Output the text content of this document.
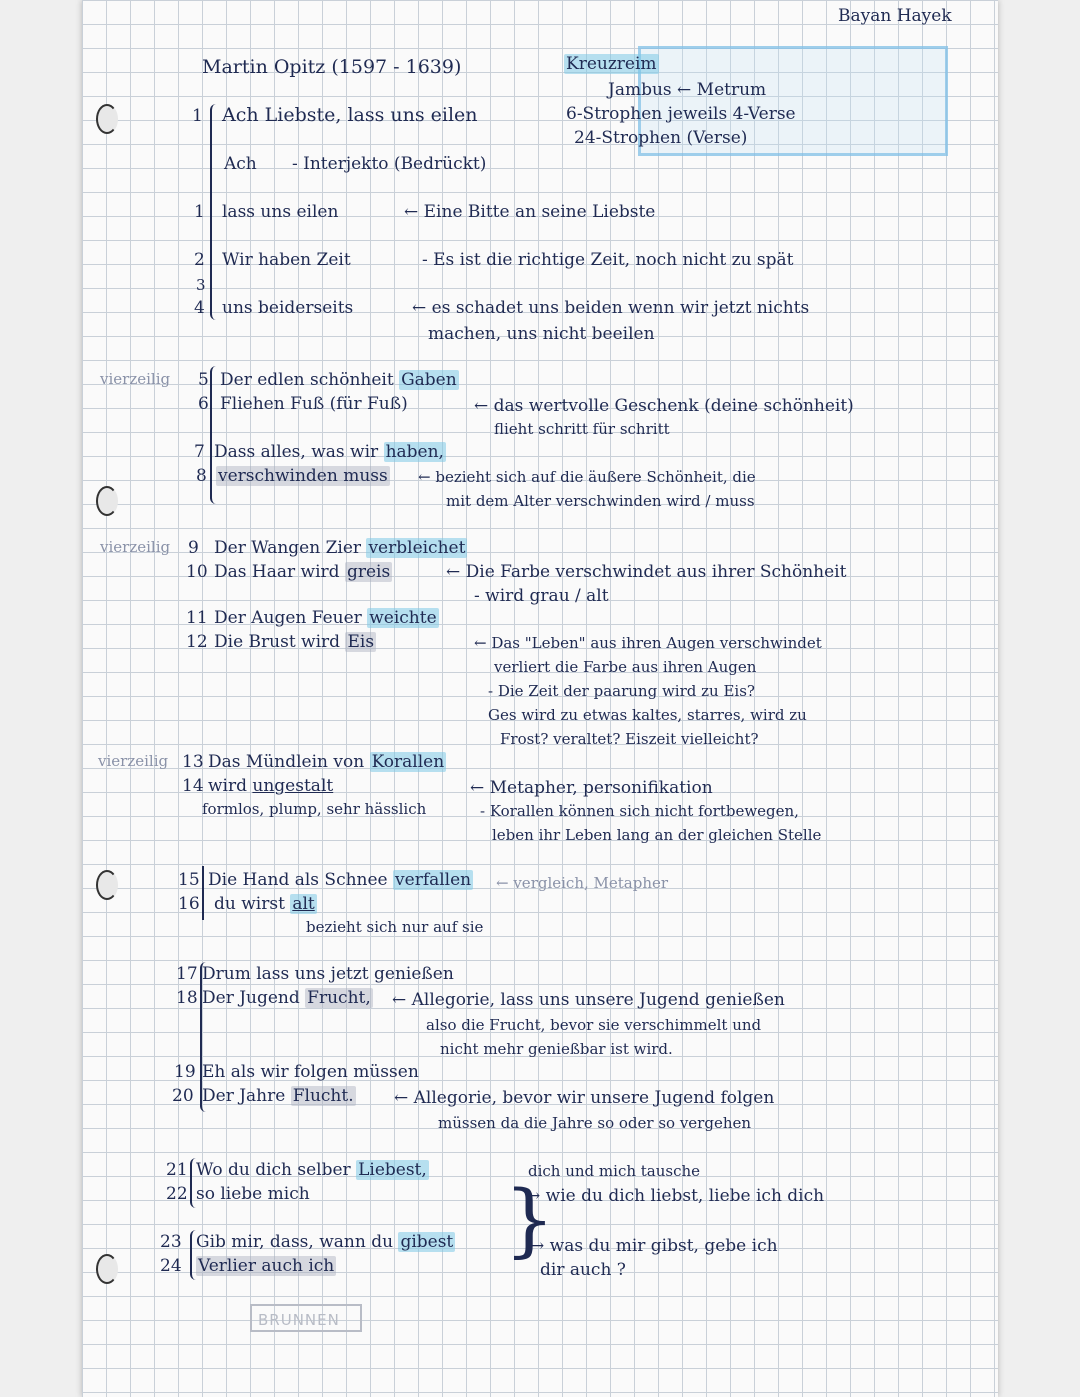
Bayan Hayek
Martin Opitz (1597 - 1639)	Kreuzreim
Jambus ← Metrum
6-Strophen jeweils 4-Verse
24-Strophen (Verse)
1 Ach Liebste, lass uns eilen
Ach - Interjekto (Bedrückt)
1 lass uns eilen	← Eine Bitte an seine Liebste
2 Wir haben Zeit	- Es ist die richtige Zeit, noch nicht zu spät
3
4 uns beiderseits	← es schadet uns beiden wenn wir jetzt nichts
machen, uns nicht beeilen
vierzeilig 5 Der edlen schönheit Gaben
6 Fliehen Fuß (für Fuß)	← das wertvolle Geschenk (deine schönheit)
flieht schritt für schritt
7 Dass alles, was wir haben,
8 verschwinden muss ← bezieht sich auf die äußere Schönheit, die
mit dem Alter verschwinden wird / muss
vierzeilig 9 Der Wangen Zier verbleichet
10 Das Haar wird greis	← Die Farbe verschwindet aus ihrer Schönheit
- wird grau / alt
11 Der Augen Feuer weichte
12 Die Brust wird Eis	← Das "Leben" aus ihren Augen verschwindet
verliert die Farbe aus ihren Augen
- Die Zeit der paarung wird zu Eis?
Ges wird zu etwas kaltes, starres, wird zu
Frost? veraltet? Eiszeit vielleicht?
vierzeilig 13 Das Mündlein von Korallen
14 wird ungestalt
formlos, plump, sehr hässlich
← Metapher, personifikation
- Korallen können sich nicht fortbewegen,
leben ihr Leben lang an der gleichen Stelle
15 Die Hand als Schnee verfallen ← vergleich, Metapher
16 du wirst alt
bezieht sich nur auf sie
17 Drum lass uns jetzt genießen
18 Der Jugend Frucht, ← Allegorie, lass uns unsere Jugend genießen
also die Frucht, bevor sie verschimmelt und
nicht mehr genießbar ist wird.
19 Eh als wir folgen müssen
20 Der Jahre Flucht. ← Allegorie, bevor wir unsere Jugend folgen
müssen da die Jahre so oder so vergehen
21 Wo du dich selber Liebest,
22 so liebe mich
23 Gib mir, dass, wann du gibest
24 Verlier auch ich }
dich und mich tausche
→ wie du dich liebst, liebe ich dich
→ was du mir gibst, gebe ich
dir auch ?
BRUNNEN
